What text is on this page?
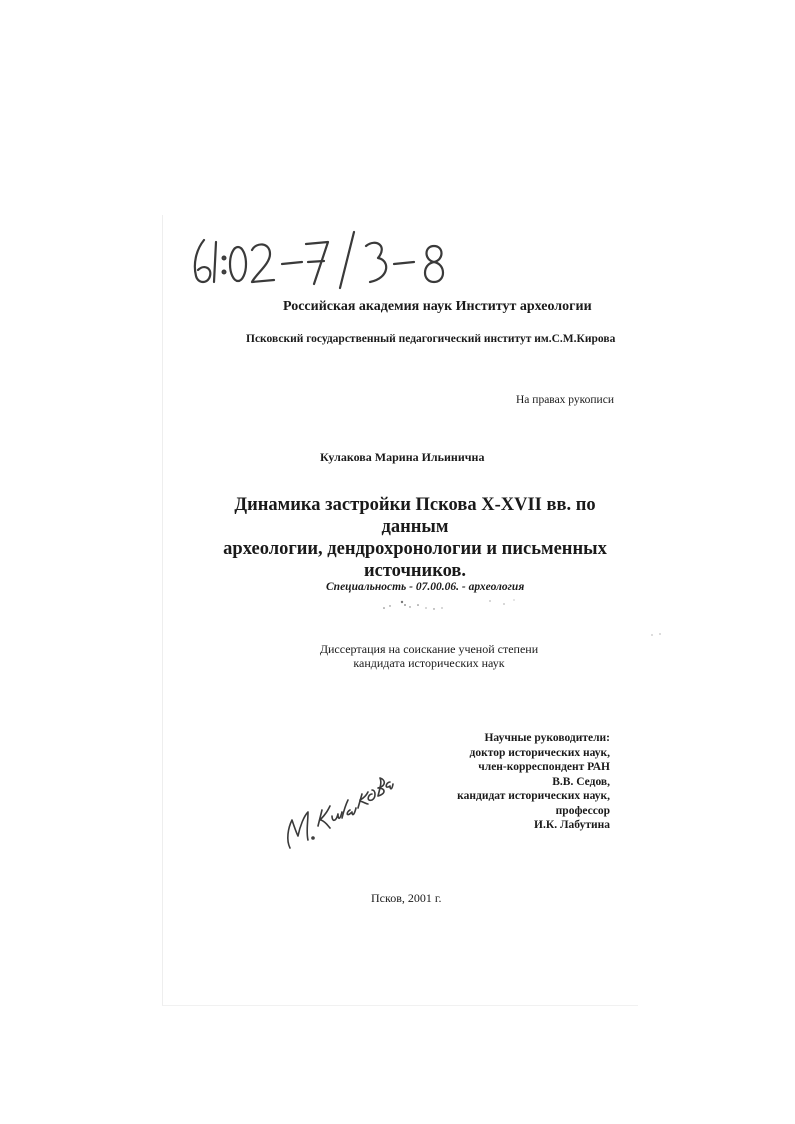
Российская академия наук Институт археологии
Псковский государственный педагогический институт им.С.М.Кирова
На правах рукописи
Кулакова Марина Ильинична
Динамика застройки Пскова X-XVII вв. по данным
археологии, дендрохронологии и письменных
источников.
Специальность - 07.00.06. - археология
Диссертация на соискание ученой степени
кандидата исторических наук
Научные руководители:
доктор исторических наук,
член-корреспондент РАН
В.В. Седов,
кандидат исторических наук,
профессор
И.К. Лабутина
Псков, 2001 г.
